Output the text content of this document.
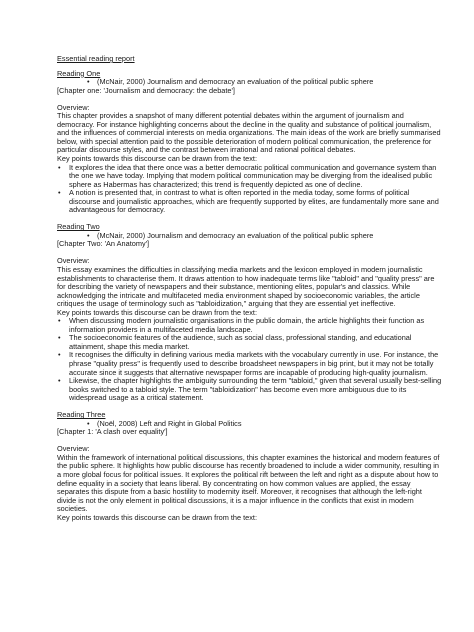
Essential reading report
Reading One
• (McNair, 2000) Journalism and democracy an evaluation of the political public sphere
[Chapter one: 'Journalism and democracy: the debate']
Overview:

This chapter provides a snapshot of many different potential debates within the argument of journalism and democracy. For instance highlighting concerns about the decline in the quality and substance of political journalism, and the influences of commercial interests on media organizations. The main ideas of the work are briefly summarised below, with special attention paid to the possible deterioration of modern political communication, the preference for particular discourse styles, and the contrast between irrational and rational political debates.

Key points towards this discourse can be drawn from the text:
• It explores the idea that there once was a better democratic political communication and governance system than the one we have today. Implying that modern political communication may be diverging from the idealised public sphere as Habermas has characterized; this trend is frequently depicted as one of decline.
• A notion is presented that, in contrast to what is often reported in the media today, some forms of political discourse and journalistic approaches, which are frequently supported by elites, are fundamentally more sane and advantageous for democracy.
Reading Two
• (McNair, 2000) Journalism and democracy an evaluation of the political public sphere
[Chapter Two: 'An Anatomy']
Overview:

This essay examines the difficulties in classifying media markets and the lexicon employed in modern journalistic establishments to characterise them. It draws attention to how inadequate terms like "tabloid" and "quality press" are for describing the variety of newspapers and their substance, mentioning elites, popular's and classics. While acknowledging the intricate and multifaceted media environment shaped by socioeconomic variables, the article critiques the usage of terminology such as "tabloidization," arguing that they are essential yet ineffective.

Key points towards this discourse can be drawn from the text:
• When discussing modern journalistic organisations in the public domain, the article highlights their function as information providers in a multifaceted media landscape.
• The socioeconomic features of the audience, such as social class, professional standing, and educational attainment, shape this media market.
• It recognises the difficulty in defining various media markets with the vocabulary currently in use. For instance, the phrase "quality press" is frequently used to describe broadsheet newspapers in big print, but it may not be totally accurate since it suggests that alternative newspaper forms are incapable of producing high-quality journalism.
• Likewise, the chapter highlights the ambiguity surrounding the term "tabloid," given that several usually best-selling books switched to a tabloid style. The term "tabloidization" has become even more ambiguous due to its widespread usage as a critical statement.
Reading Three
• (Noël, 2008) Left and Right in Global Politics
[Chapter 1: 'A clash over equality']
Overview:

Within the framework of international political discussions, this chapter examines the historical and modern features of the public sphere. It highlights how public discourse has recently broadened to include a wider community, resulting in a more global focus for political issues. It explores the political rift between the left and right as a dispute about how to define equality in a society that leans liberal. By concentrating on how common values are applied, the essay separates this dispute from a basic hostility to modernity itself. Moreover, it recognises that although the left-right divide is not the only element in political discussions, it is a major influence in the conflicts that exist in modern societies.

Key points towards this discourse can be drawn from the text:
